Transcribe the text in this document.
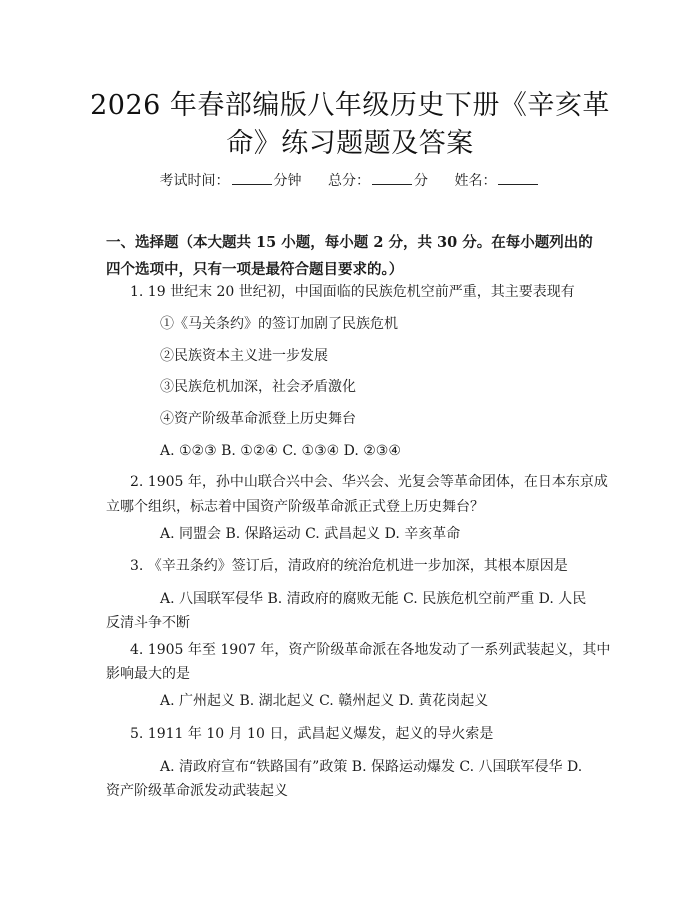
2026 年春部编版八年级历史下册《辛亥革
命》练习题题及答案
考试时间：	分钟 总分：	分 姓名：
一、选择题（本大题共 15 小题，每小题 2 分，共 30 分。在每小题列出的四个选项中，只有一项是最符合题目要求的。）
1. 19 世纪末 20 世纪初，中国面临的民族危机空前严重，其主要表现有
①《马关条约》的签订加剧了民族危机
②民族资本主义进一步发展
③民族危机加深，社会矛盾激化
④资产阶级革命派登上历史舞台
A. ①②③ B. ①②④ C. ①③④ D. ②③④
2. 1905 年，孙中山联合兴中会、华兴会、光复会等革命团体，在日本东京成
立哪个组织，标志着中国资产阶级革命派正式登上历史舞台？
A. 同盟会 B. 保路运动 C. 武昌起义 D. 辛亥革命
3. 《辛丑条约》签订后，清政府的统治危机进一步加深，其根本原因是
A. 八国联军侵华 B. 清政府的腐败无能 C. 民族危机空前严重 D. 人民
反清斗争不断
4. 1905 年至 1907 年，资产阶级革命派在各地发动了一系列武装起义，其中
影响最大的是
A. 广州起义 B. 湖北起义 C. 赣州起义 D. 黄花岗起义
5. 1911 年 10 月 10 日，武昌起义爆发，起义的导火索是
A. 清政府宣布“铁路国有”政策 B. 保路运动爆发 C. 八国联军侵华 D.
资产阶级革命派发动武装起义
